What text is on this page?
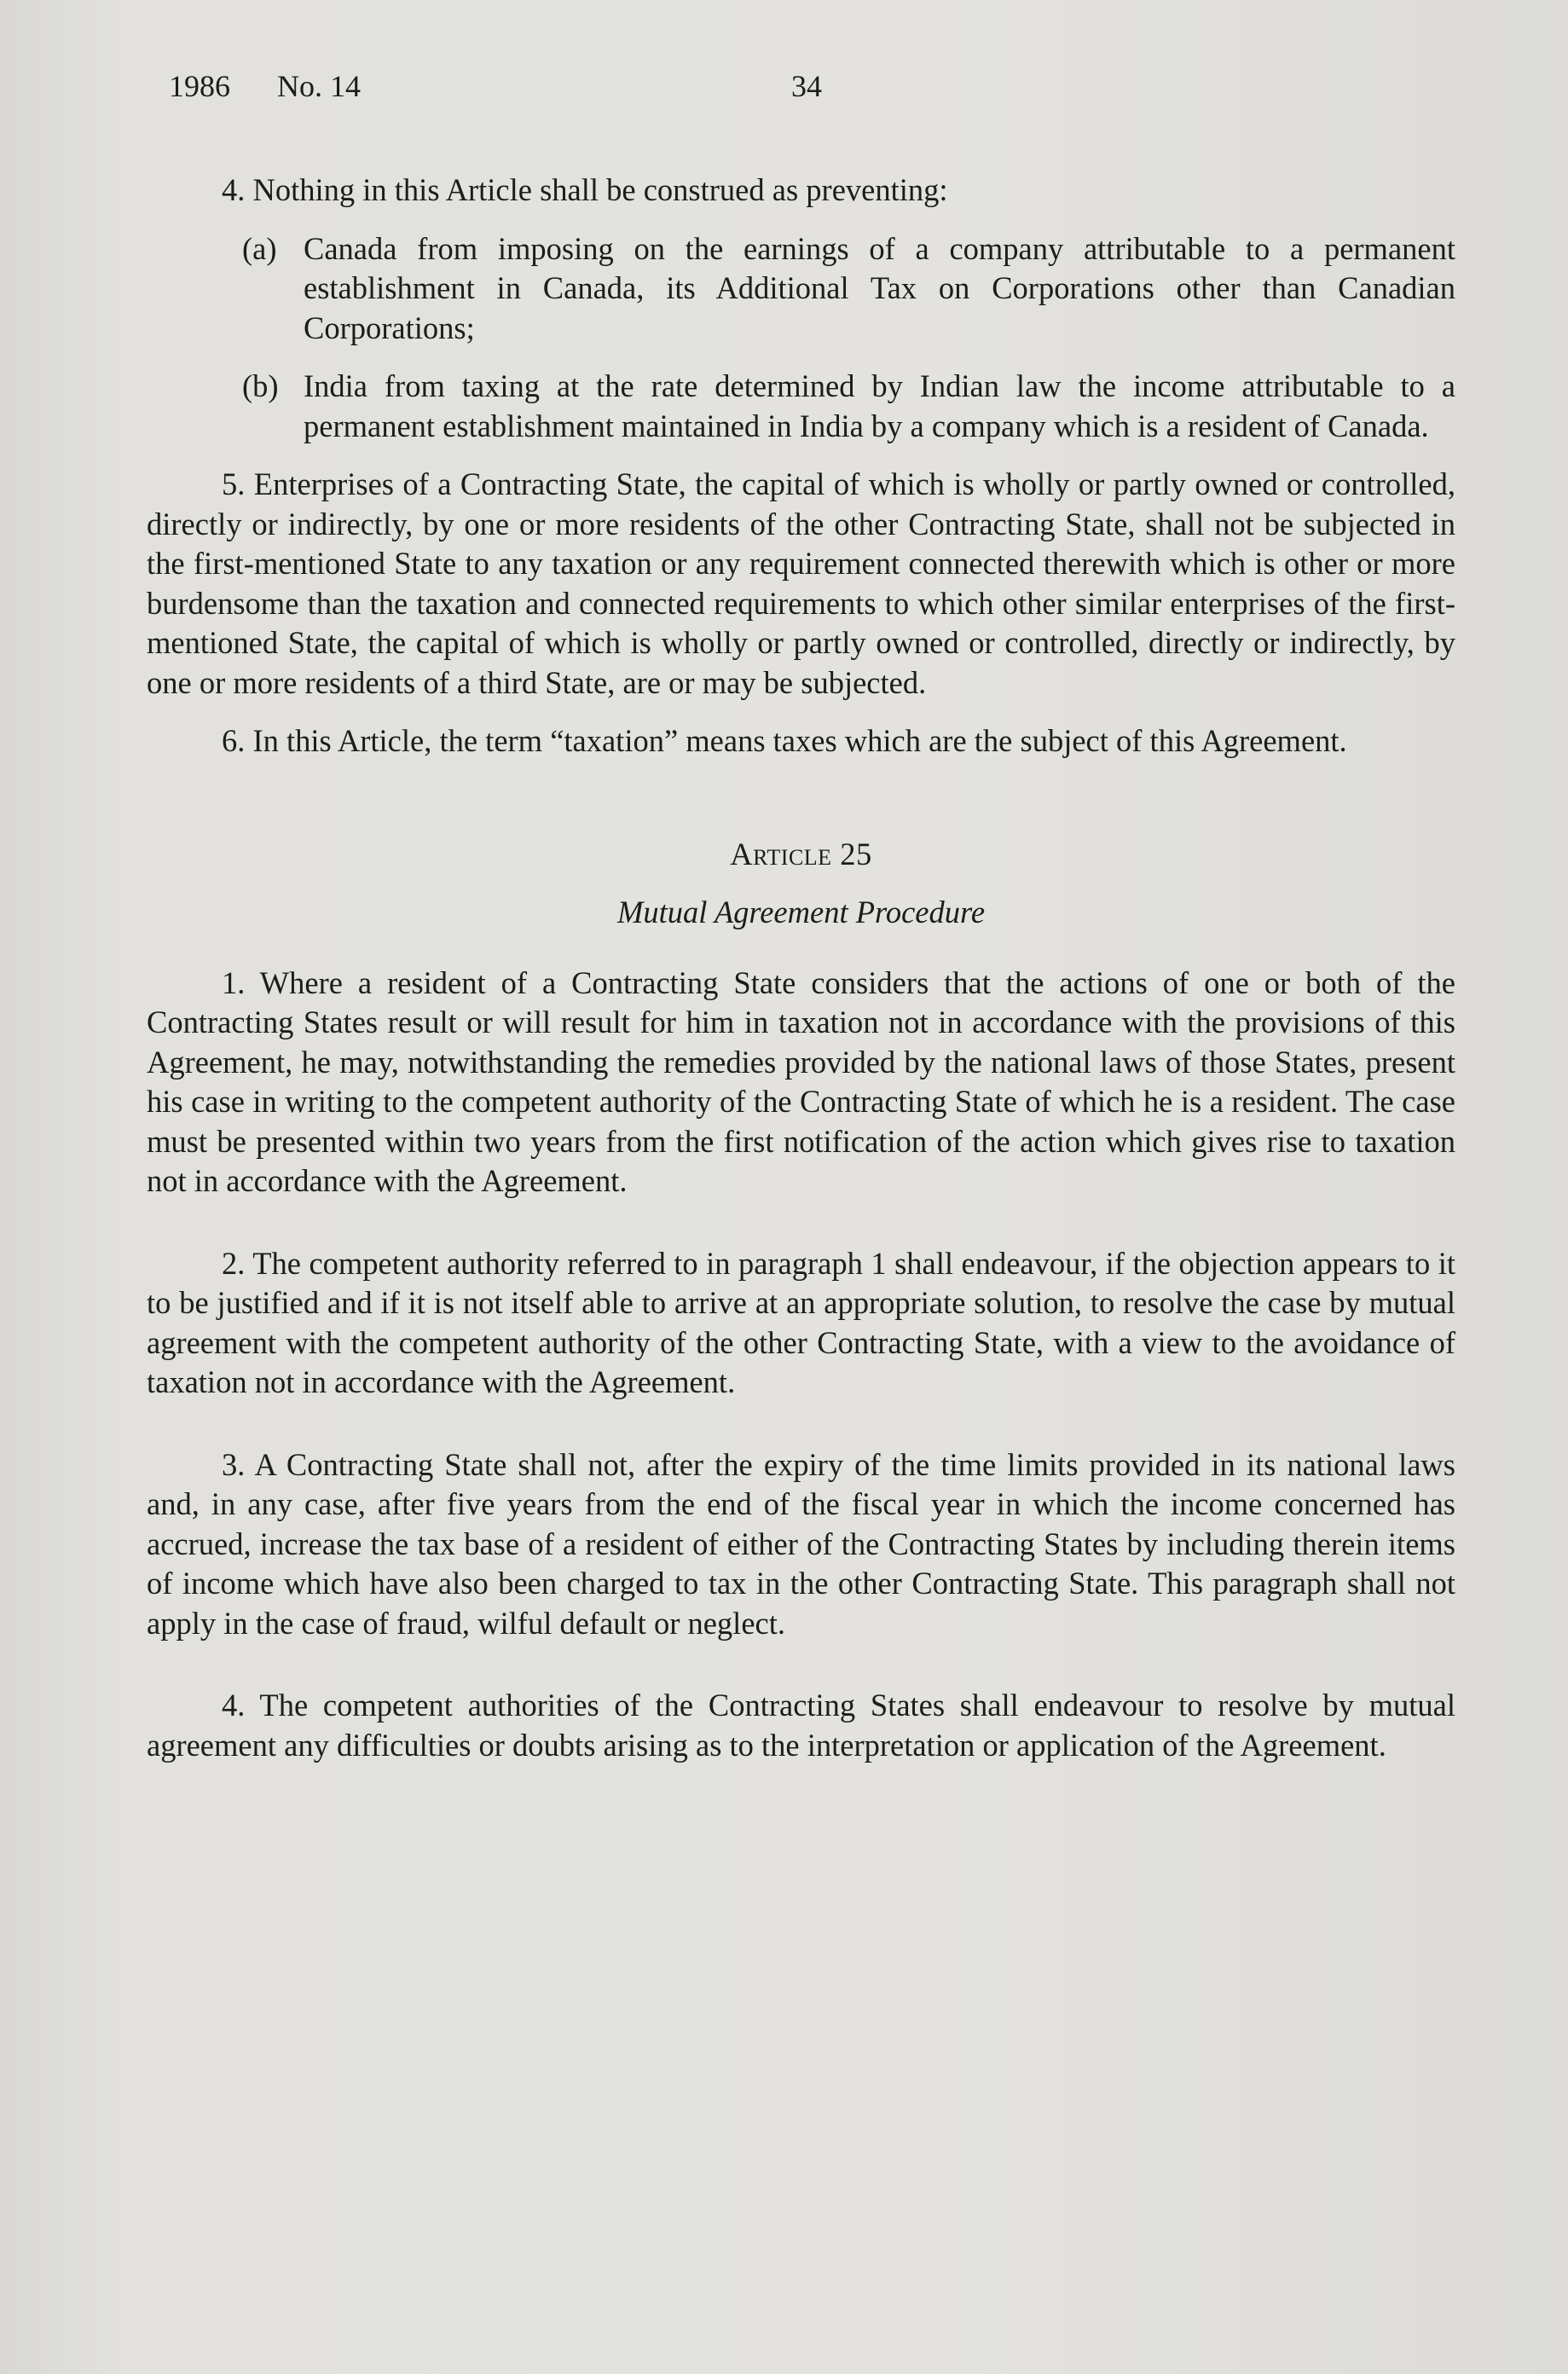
1986 No. 14	34

4. Nothing in this Article shall be construed as preventing:

(a) Canada from imposing on the earnings of a company attributable to a permanent establishment in Canada, its Additional Tax on Corporations other than Canadian Corporations;
(b) India from taxing at the rate determined by Indian law the income attributable to a permanent establishment maintained in India by a company which is a resident of Canada.

5. Enterprises of a Contracting State, the capital of which is wholly or partly owned or controlled, directly or indirectly, by one or more residents of the other Contracting State, shall not be subjected in the first-mentioned State to any taxation or any requirement connected therewith which is other or more burdensome than the taxation and connected requirements to which other similar enterprises of the first-mentioned State, the capital of which is wholly or partly owned or controlled, directly or indirectly, by one or more residents of a third State, are or may be subjected.

6. In this Article, the term “taxation” means taxes which are the subject of this Agreement.

Article 25

Mutual Agreement Procedure

1. Where a resident of a Contracting State considers that the actions of one or both of the Contracting States result or will result for him in taxation not in accordance with the provisions of this Agreement, he may, notwithstanding the remedies provided by the national laws of those States, present his case in writing to the competent authority of the Contracting State of which he is a resident. The case must be presented within two years from the first notification of the action which gives rise to taxation not in accordance with the Agreement.

2. The competent authority referred to in paragraph 1 shall endeavour, if the objection appears to it to be justified and if it is not itself able to arrive at an appropriate solution, to resolve the case by mutual agreement with the competent authority of the other Contracting State, with a view to the avoidance of taxation not in accordance with the Agreement.

3. A Contracting State shall not, after the expiry of the time limits provided in its national laws and, in any case, after five years from the end of the fiscal year in which the income concerned has accrued, increase the tax base of a resident of either of the Contracting States by including therein items of income which have also been charged to tax in the other Contracting State. This paragraph shall not apply in the case of fraud, wilful default or neglect.

4. The competent authorities of the Contracting States shall endeavour to resolve by mutual agreement any difficulties or doubts arising as to the interpretation or application of the Agreement.
